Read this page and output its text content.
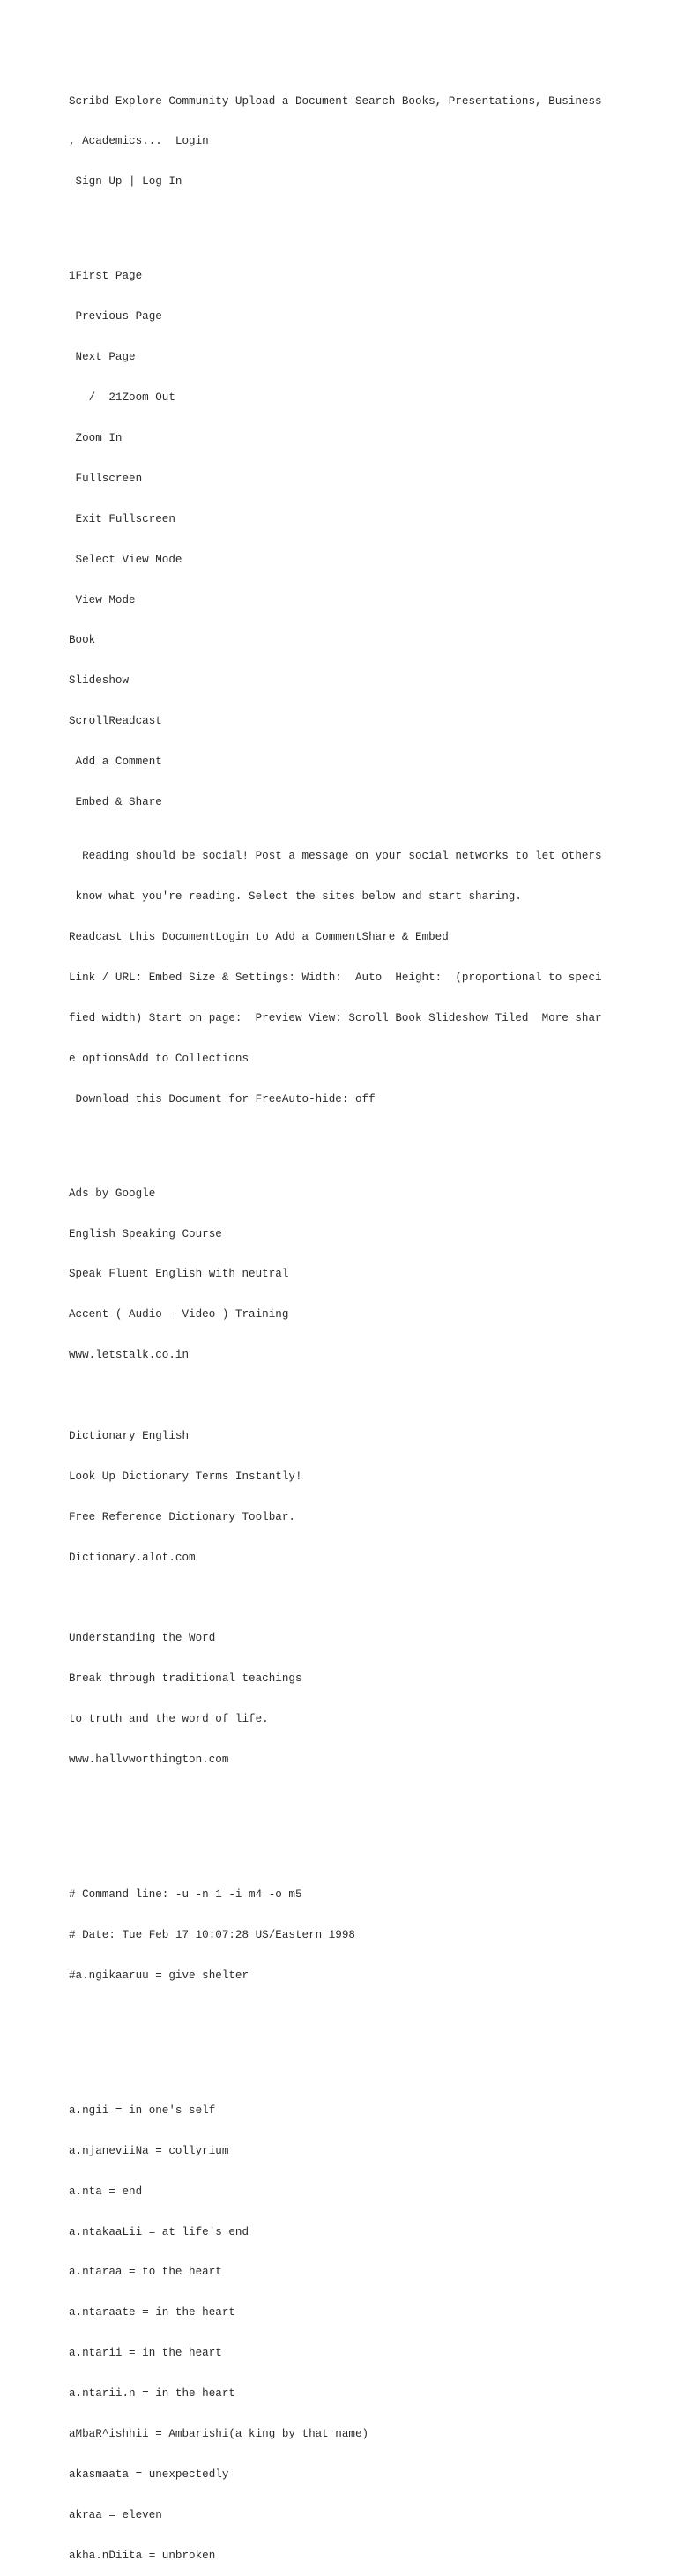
Scribd Explore Community Upload a Document Search Books, Presentations, Business

, Academics...  Login

Sign Up | Log In

1First Page

Previous Page

Next Page

/  21Zoom Out

Zoom In

Fullscreen

Exit Fullscreen

Select View Mode

View Mode

Book

Slideshow

ScrollReadcast

Add a Comment

Embed & Share

Reading should be social! Post a message on your social networks to let others

know what you're reading. Select the sites below and start sharing.

Readcast this DocumentLogin to Add a CommentShare & Embed

Link / URL: Embed Size & Settings: Width:  Auto  Height:  (proportional to speci

fied width) Start on page:  Preview View: Scroll Book Slideshow Tiled  More shar

e optionsAdd to Collections

Download this Document for FreeAuto-hide: off

Ads by Google

English Speaking Course

Speak Fluent English with neutral

Accent ( Audio - Video ) Training

www.letstalk.co.in

Dictionary English

Look Up Dictionary Terms Instantly!

Free Reference Dictionary Toolbar.

Dictionary.alot.com

Understanding the Word

Break through traditional teachings

to truth and the word of life.

www.hallvworthington.com

# Command line: -u -n 1 -i m4 -o m5

# Date: Tue Feb 17 10:07:28 US/Eastern 1998

#a.ngikaaruu = give shelter

a.ngii = in one's self

a.njaneviiNa = collyrium

a.nta = end

a.ntakaaLii = at life's end

a.ntaraa = to the heart

a.ntaraate = in the heart

a.ntarii = in the heart

a.ntarii.n = in the heart

aMbaR^ishhii = Ambarishi(a king by that name)

akasmaata = unexpectedly

akraa = eleven

akha.nDiita = unbroken
